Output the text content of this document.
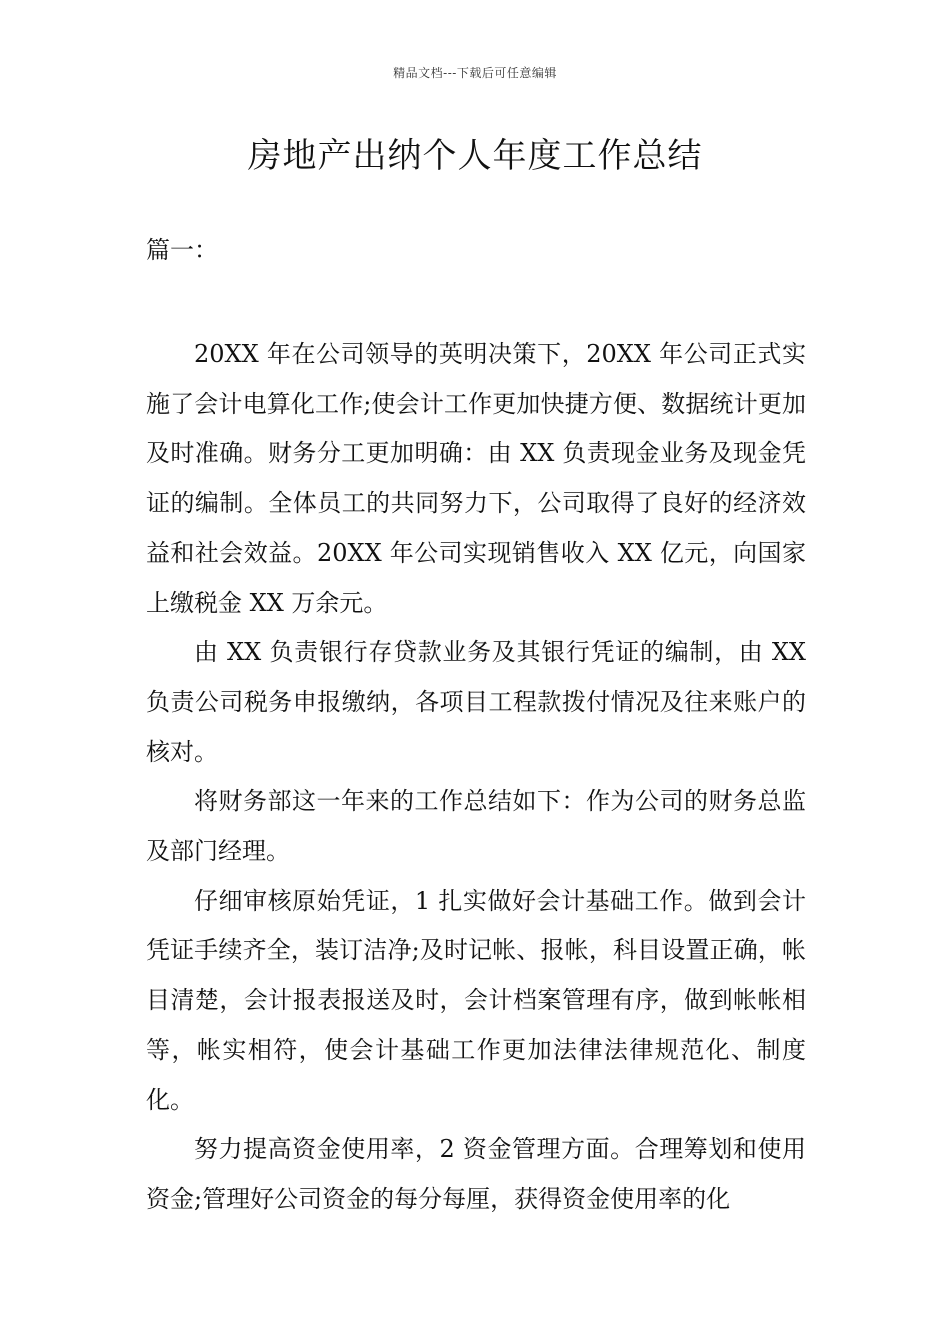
精品文档---下载后可任意编辑
房地产出纳个人年度工作总结
篇一：

20XX 年在公司领导的英明决策下，20XX 年公司正式实施了会计电算化工作;使会计工作更加快捷方便、数据统计更加及时准确。财务分工更加明确：由 XX 负责现金业务及现金凭证的编制。全体员工的共同努力下，公司取得了良好的经济效益和社会效益。20XX 年公司实现销售收入 XX 亿元，向国家上缴税金 XX 万余元。

由 XX 负责银行存贷款业务及其银行凭证的编制，由 XX 负责公司税务申报缴纳，各项目工程款拨付情况及往来账户的核对。

将财务部这一年来的工作总结如下：作为公司的财务总监及部门经理。

仔细审核原始凭证，1 扎实做好会计基础工作。做到会计凭证手续齐全，装订洁净;及时记帐、报帐，科目设置正确，帐目清楚，会计报表报送及时，会计档案管理有序，做到帐帐相等，帐实相符，使会计基础工作更加法律法律规范化、制度化。

努力提高资金使用率，2 资金管理方面。合理筹划和使用资金;管理好公司资金的每分每厘，获得资金使用率的化
